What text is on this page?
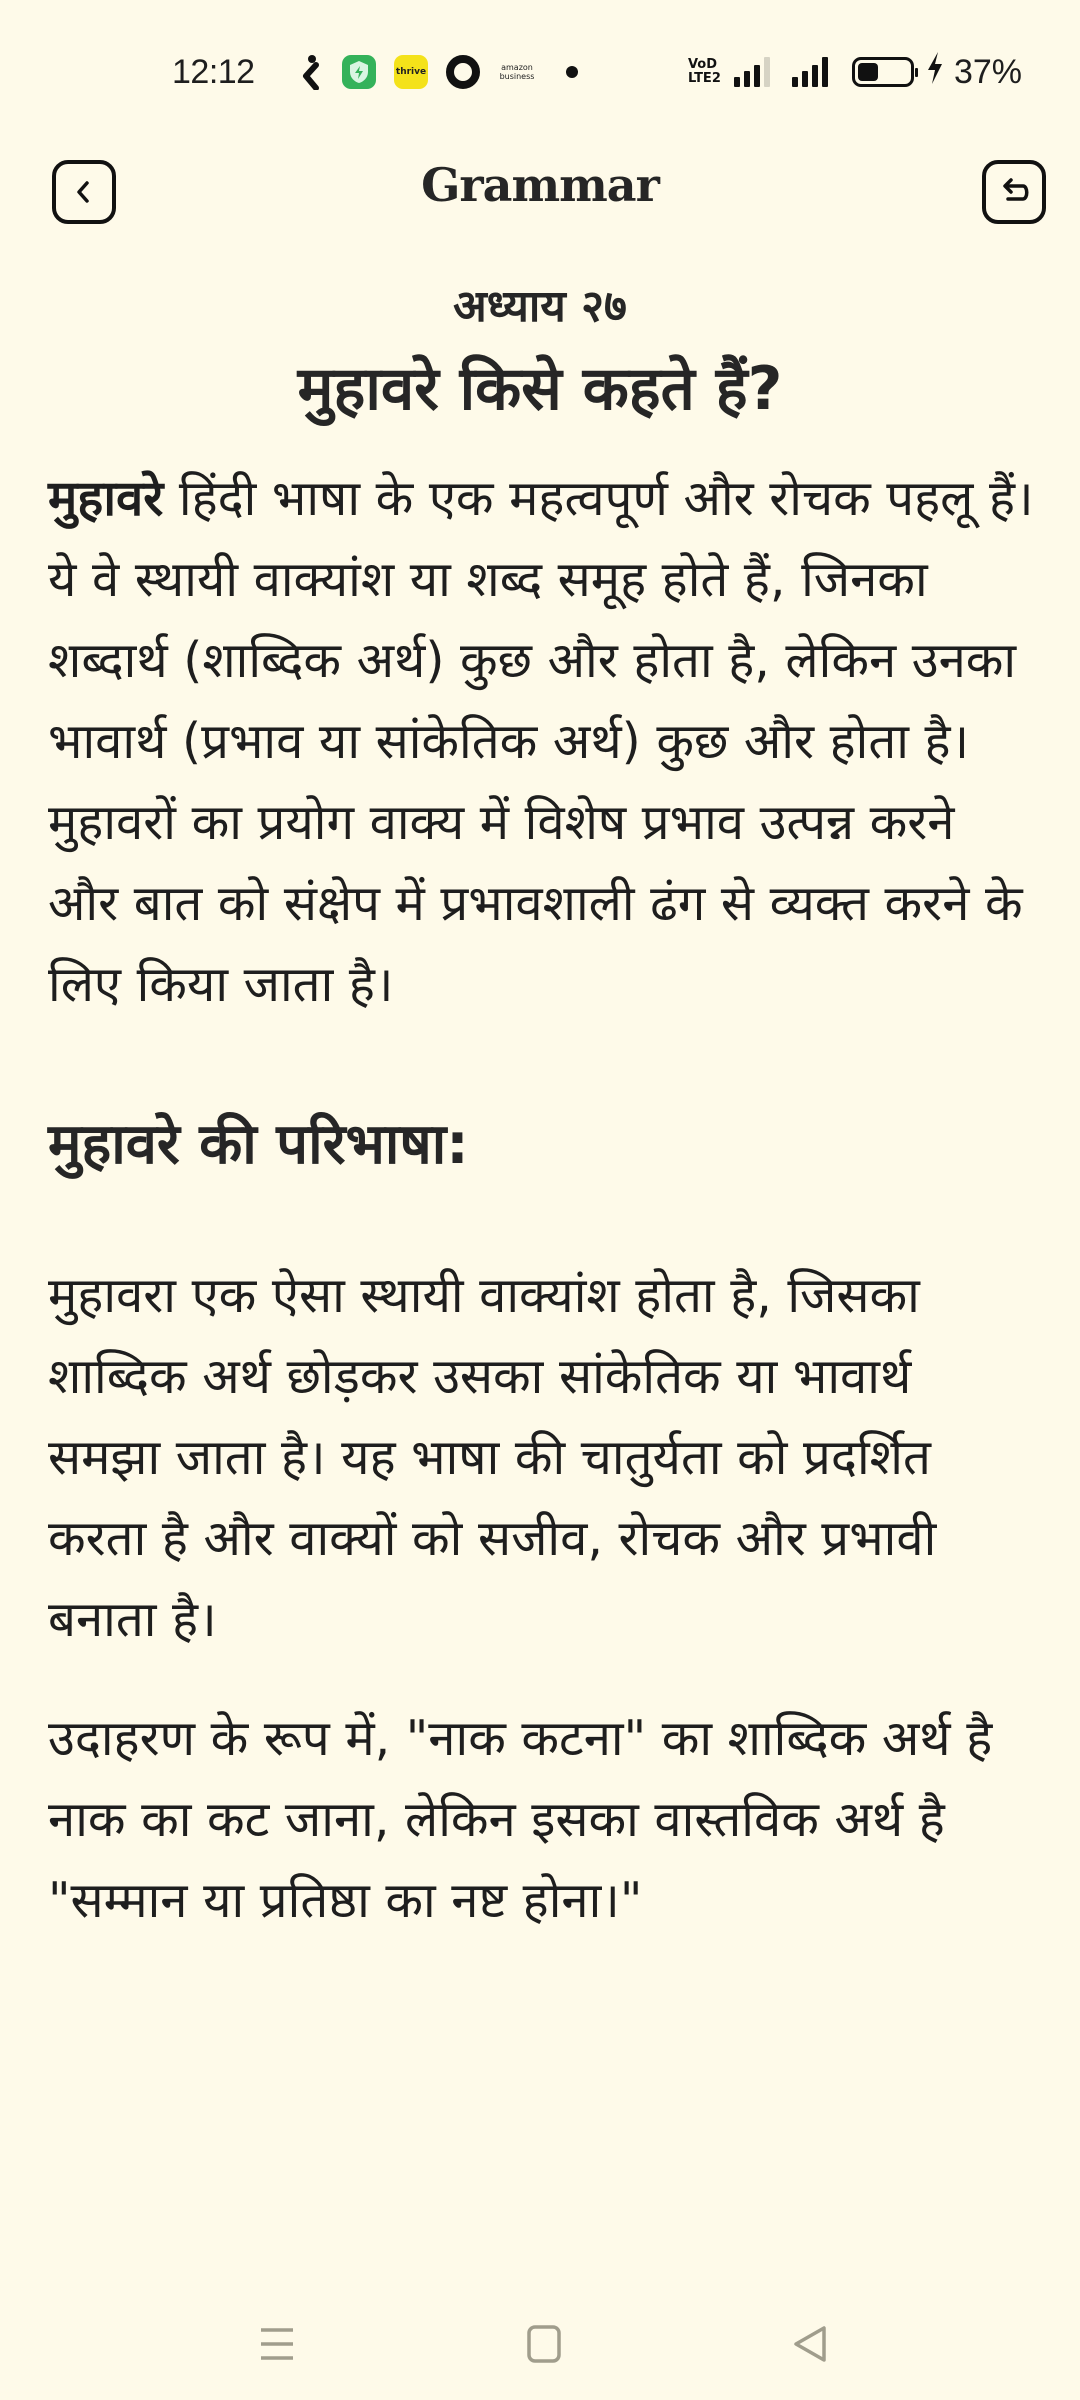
12:12	thrive	amazon
business
VoD
LTE2	37%
Grammar
अध्याय २७
मुहावरे किसे कहते हैं?

मुहावरे हिंदी भाषा के एक महत्वपूर्ण और रोचक पहलू हैं। ये वे स्थायी वाक्यांश या शब्द समूह होते हैं, जिनका शब्दार्थ (शाब्दिक अर्थ) कुछ और होता है, लेकिन उनका भावार्थ (प्रभाव या सांकेतिक अर्थ) कुछ और होता है। मुहावरों का प्रयोग वाक्य में विशेष प्रभाव उत्पन्न करने और बात को संक्षेप में प्रभावशाली ढंग से व्यक्त करने के लिए किया जाता है।

मुहावरे की परिभाषा:

मुहावरा एक ऐसा स्थायी वाक्यांश होता है, जिसका शाब्दिक अर्थ छोड़कर उसका सांकेतिक या भावार्थ समझा जाता है। यह भाषा की चातुर्यता को प्रदर्शित करता है और वाक्यों को सजीव, रोचक और प्रभावी बनाता है।

उदाहरण के रूप में, "नाक कटना" का शाब्दिक अर्थ है नाक का कट जाना, लेकिन इसका वास्तविक अर्थ है "सम्मान या प्रतिष्ठा का नष्ट होना।"
